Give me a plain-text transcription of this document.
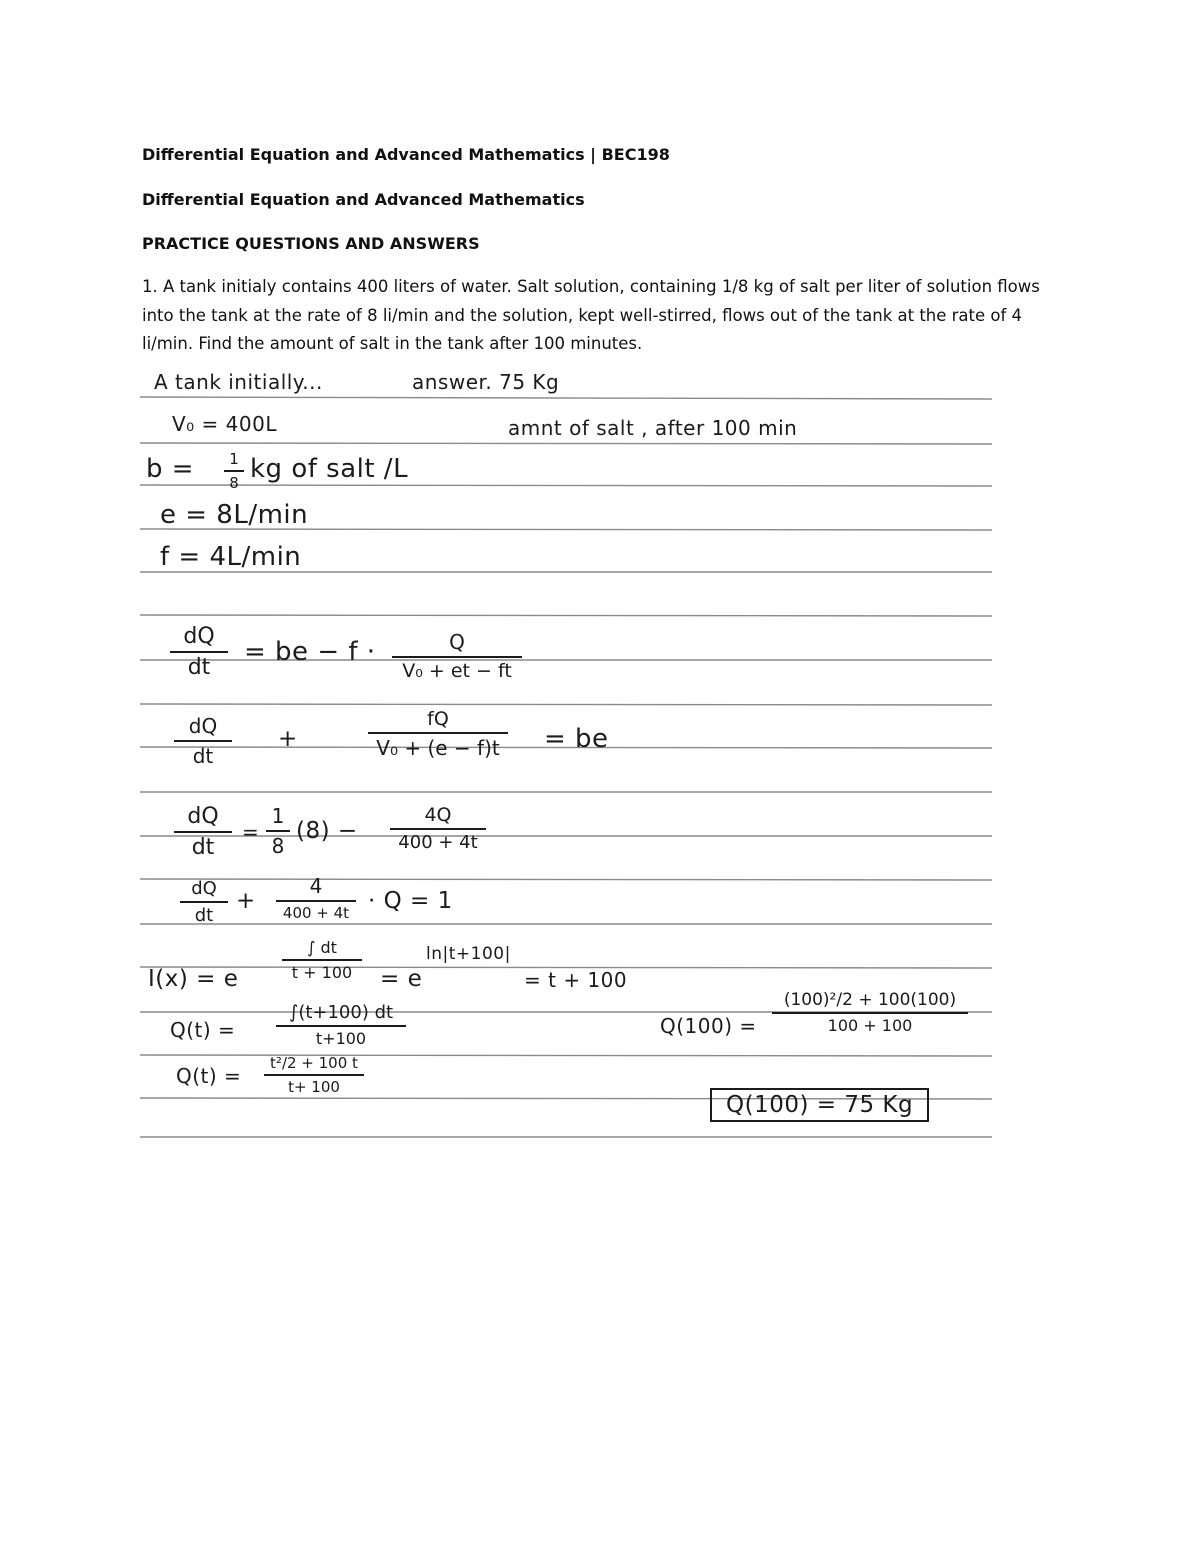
Differential Equation and Advanced Mathematics | BEC198
Differential Equation and Advanced Mathematics
PRACTICE QUESTIONS AND ANSWERS
1. A tank initialy contains 400 liters of water. Salt solution, containing 1/8 kg of salt per liter of solution flows into the tank at the rate of 8 li/min and the solution, kept well-stirred, flows out of the tank at the rate of 4 li/min. Find the amount of salt in the tank after 100 minutes.
A tank initially...	answer. 75 Kg
V₀ = 400L	amnt of salt , after 100 min
b =	1
8 kg of salt /L
e = 8L/min
f = 4L/min
dQ
dt
= be − f ·	Q
V₀ + et − ft
dQ
dt
+
fQ
V₀ + (e − f)t	= be
dQ
dt
=
1
8
(8) −
4Q
400 + 4t
dQ
dt
+
4
400 + 4t · Q = 1
I(x) = e
∫ dt
t + 100	= e
ln|t+100|
= t + 100
Q(t) =
∫(t+100) dt
t+100
Q(100) =
(100)²/2 + 100(100)
100 + 100
Q(t) =
t²/2 + 100 t
t+ 100
Q(100) = 75 Kg
